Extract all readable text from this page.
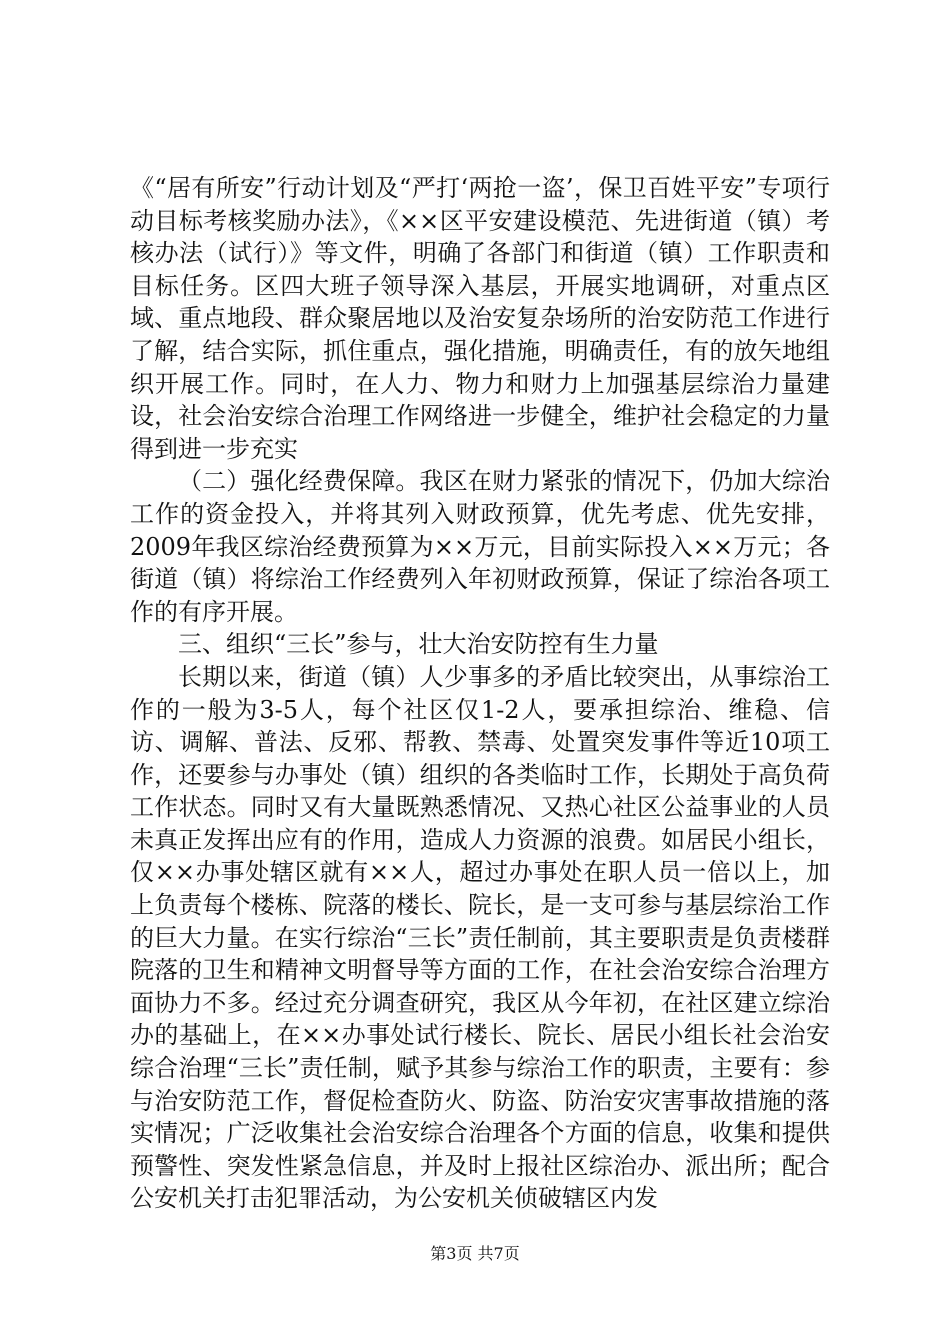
《“居有所安”行动计划及“严打‘两抢一盗’，保卫百姓平安”专项行动目标考核奖励办法》，《××区平安建设模范、先进街道（镇）考核办法（试行）》等文件，明确了各部门和街道（镇）工作职责和目标任务。区四大班子领导深入基层，开展实地调研，对重点区域、重点地段、群众聚居地以及治安复杂场所的治安防范工作进行了解，结合实际，抓住重点，强化措施，明确责任，有的放矢地组织开展工作。同时，在人力、物力和财力上加强基层综治力量建设，社会治安综合治理工作网络进一步健全，维护社会稳定的力量得到进一步充实

（二）强化经费保障。我区在财力紧张的情况下，仍加大综治工作的资金投入，并将其列入财政预算，优先考虑、优先安排，2009年我区综治经费预算为××万元，目前实际投入××万元；各街道（镇）将综治工作经费列入年初财政预算，保证了综治各项工作的有序开展。

三、组织“三长”参与，壮大治安防控有生力量

长期以来，街道（镇）人少事多的矛盾比较突出，从事综治工作的一般为3-5人，每个社区仅1-2人，要承担综治、维稳、信访、调解、普法、反邪、帮教、禁毒、处置突发事件等近10项工作，还要参与办事处（镇）组织的各类临时工作，长期处于高负荷工作状态。同时又有大量既熟悉情况、又热心社区公益事业的人员未真正发挥出应有的作用，造成人力资源的浪费。如居民小组长，仅××办事处辖区就有××人，超过办事处在职人员一倍以上，加上负责每个楼栋、院落的楼长、院长，是一支可参与基层综治工作的巨大力量。在实行综治“三长”责任制前，其主要职责是负责楼群院落的卫生和精神文明督导等方面的工作，在社会治安综合治理方面协力不多。经过充分调查研究，我区从今年初，在社区建立综治办的基础上，在××办事处试行楼长、院长、居民小组长社会治安综合治理“三长”责任制，赋予其参与综治工作的职责，主要有：参与治安防范工作，督促检查防火、防盗、防治安灾害事故措施的落实情况；广泛收集社会治安综合治理各个方面的信息，收集和提供预警性、突发性紧急信息，并及时上报社区综治办、派出所；配合公安机关打击犯罪活动，为公安机关侦破辖区内发

第3页 共7页
